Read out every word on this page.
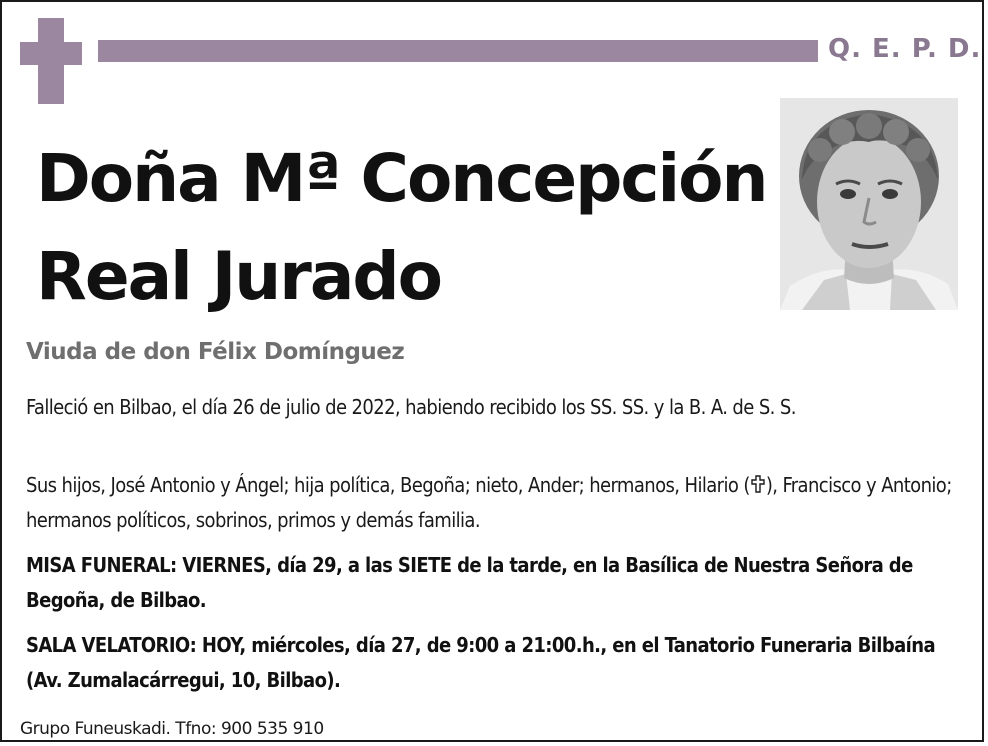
Q. E. P. D.
Doña Mª Concepción
Real Jurado
Viuda de don Félix Domínguez

Falleció en Bilbao, el día 26 de julio de 2022, habiendo recibido los SS. SS. y la B. A. de S. S.

Sus hijos, José Antonio y Ángel; hija política, Begoña; nieto, Ander; hermanos, Hilario ( ), Francisco y Antonio; hermanos políticos, sobrinos, primos y demás familia.

MISA FUNERAL: VIERNES, día 29, a las SIETE de la tarde, en la Basílica de Nuestra Señora de Begoña, de Bilbao.

SALA VELATORIO: HOY, miércoles, día 27, de 9:00 a 21:00.h., en el Tanatorio Funeraria Bilbaína (Av. Zumalacárregui, 10, Bilbao).

Grupo Funeuskadi. Tfno: 900 535 910
